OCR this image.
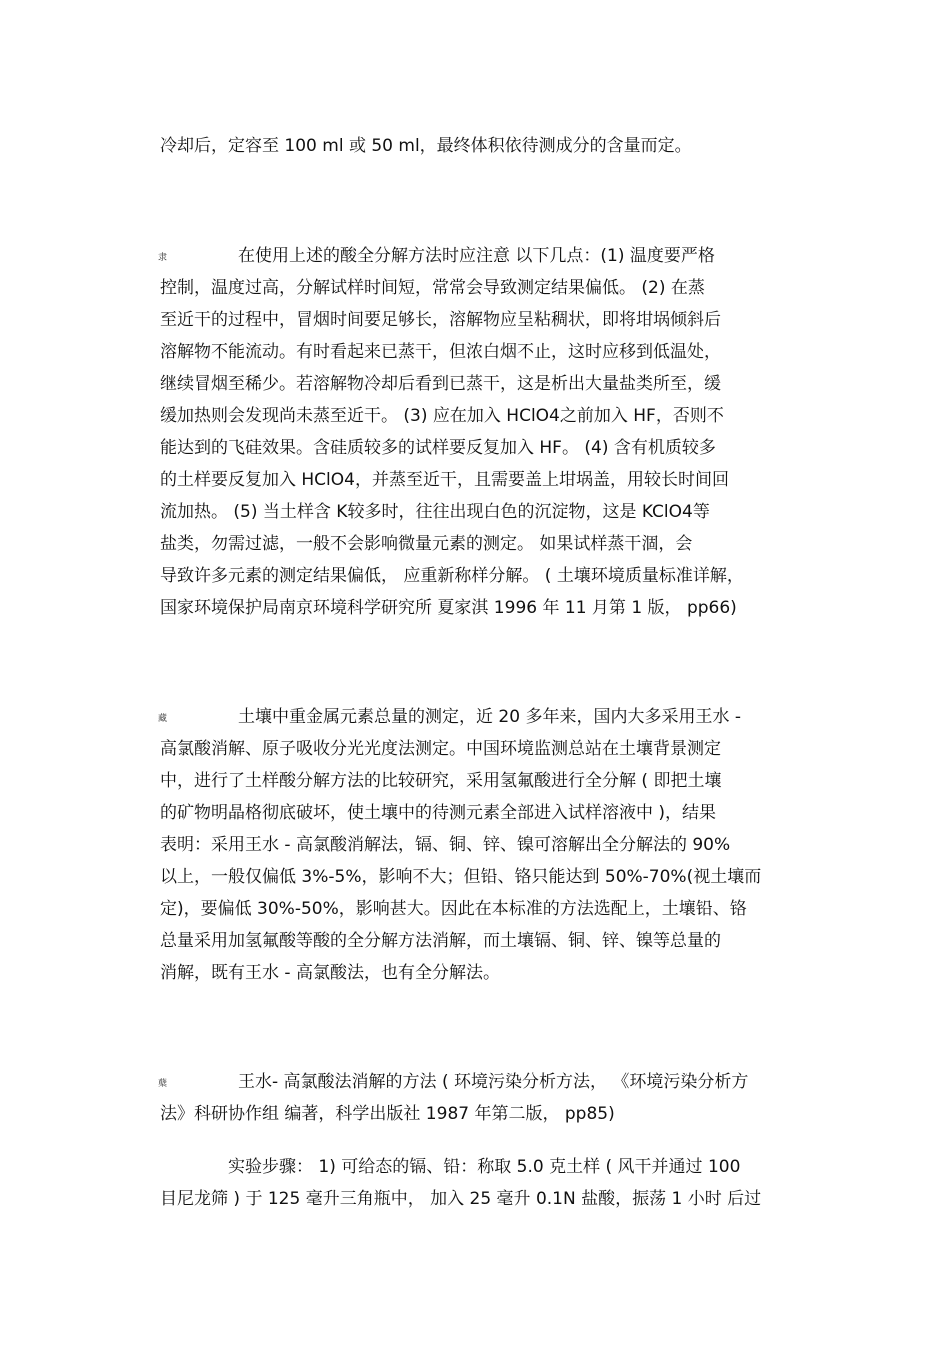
冷却后，定容至 100 ml 或 50 ml，最终体积依待测成分的含量而定。
隶	在使用上述的酸全分解方法时应注意 以下几点：(1) 温度要严格
控制，温度过高，分解试样时间短，常常会导致测定结果偏低。 (2) 在蒸
至近干的过程中，冒烟时间要足够长，溶解物应呈粘稠状，即将坩埚倾斜后
溶解物不能流动。有时看起来已蒸干，但浓白烟不止，这时应移到低温处，
继续冒烟至稀少。若溶解物冷却后看到已蒸干，这是析出大量盐类所至，缓
缓加热则会发现尚未蒸至近干。 (3) 应在加入 HClO4之前加入 HF，否则不
能达到的飞硅效果。含硅质较多的试样要反复加入 HF。 (4) 含有机质较多
的土样要反复加入 HClO4，并蒸至近干，且需要盖上坩埚盖，用较长时间回
流加热。 (5) 当土样含 K较多时，往往出现白色的沉淀物，这是 KClO4等
盐类，勿需过滤，一般不会影响微量元素的测定。 如果试样蒸干涸，会
导致许多元素的测定结果偏低， 应重新称样分解。 ( 土壤环境质量标准详解，
国家环境保护局南京环境科学研究所 夏家淇 1996 年 11 月第 1 版， pp66)
藏	土壤中重金属元素总量的测定，近 20 多年来，国内大多采用王水 -
高氯酸消解、原子吸收分光光度法测定。中国环境监测总站在土壤背景测定
中，进行了土样酸分解方法的比较研究，采用氢氟酸进行全分解 ( 即把土壤
的矿物明晶格彻底破坏，使土壤中的待测元素全部进入试样溶液中 )，结果
表明：采用王水 - 高氯酸消解法，镉、铜、锌、镍可溶解出全分解法的 90%
以上，一般仅偏低 3%-5%，影响不大；但铅、铬只能达到 50%-70%(视土壤而
定)，要偏低 30%-50%，影响甚大。因此在本标准的方法选配上，土壤铅、铬
总量采用加氢氟酸等酸的全分解方法消解，而土壤镉、铜、锌、镍等总量的
消解，既有王水 - 高氯酸法，也有全分解法。
蘖	王水- 高氯酸法消解的方法 ( 环境污染分析方法， 《环境污染分析方
法》科研协作组 编著，科学出版社 1987 年第二版， pp85)
实验步骤： 1) 可给态的镉、铅：称取 5.0 克土样 ( 风干并通过 100
目尼龙筛 ) 于 125 毫升三角瓶中， 加入 25 毫升 0.1N 盐酸，振荡 1 小时 后过
